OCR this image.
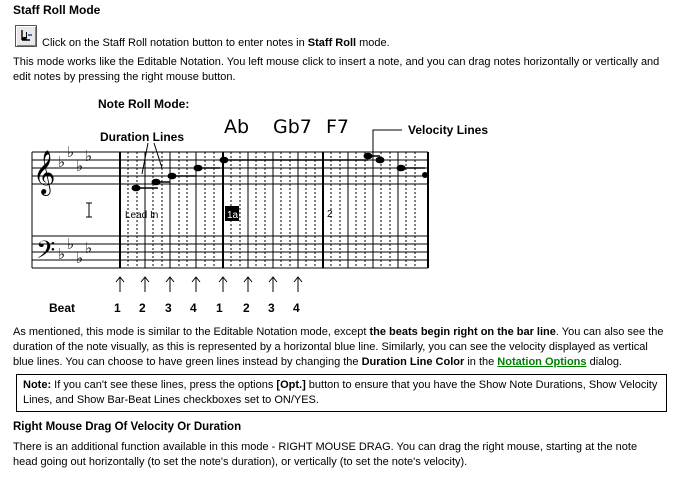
Staff Roll Mode

Click on the Staff Roll notation button to enter notes in Staff Roll mode.

This mode works like the Editable Notation. You left mouse click to insert a note, and you can drag notes horizontally or vertically and edit notes by pressing the right mouse button.

Note Roll Mode:
Duration Lines	Velocity Lines
Ab Gb7 F7
𝄞
𝄢
♭
♭
♭
♭
♭
♭
♭
♭
Lead In	1a	2
Beat	1 2 3 4 1 2 3 4

As mentioned, this mode is similar to the Editable Notation mode, except the beats begin right on the bar line. You can also see the duration of the note visually, as this is represented by a horizontal blue line. Similarly, you can see the velocity displayed as vertical blue lines. You can choose to have green lines instead by changing the Duration Line Color in the Notation Options dialog.

Note: If you can't see these lines, press the options [Opt.] button to ensure that you have the Show Note Durations, Show Velocity Lines, and Show Bar-Beat Lines checkboxes set to ON/YES.
Right Mouse Drag Of Velocity Or Duration

There is an additional function available in this mode - RIGHT MOUSE DRAG. You can drag the right mouse, starting at the note head going out horizontally (to set the note's duration), or vertically (to set the note's velocity).
